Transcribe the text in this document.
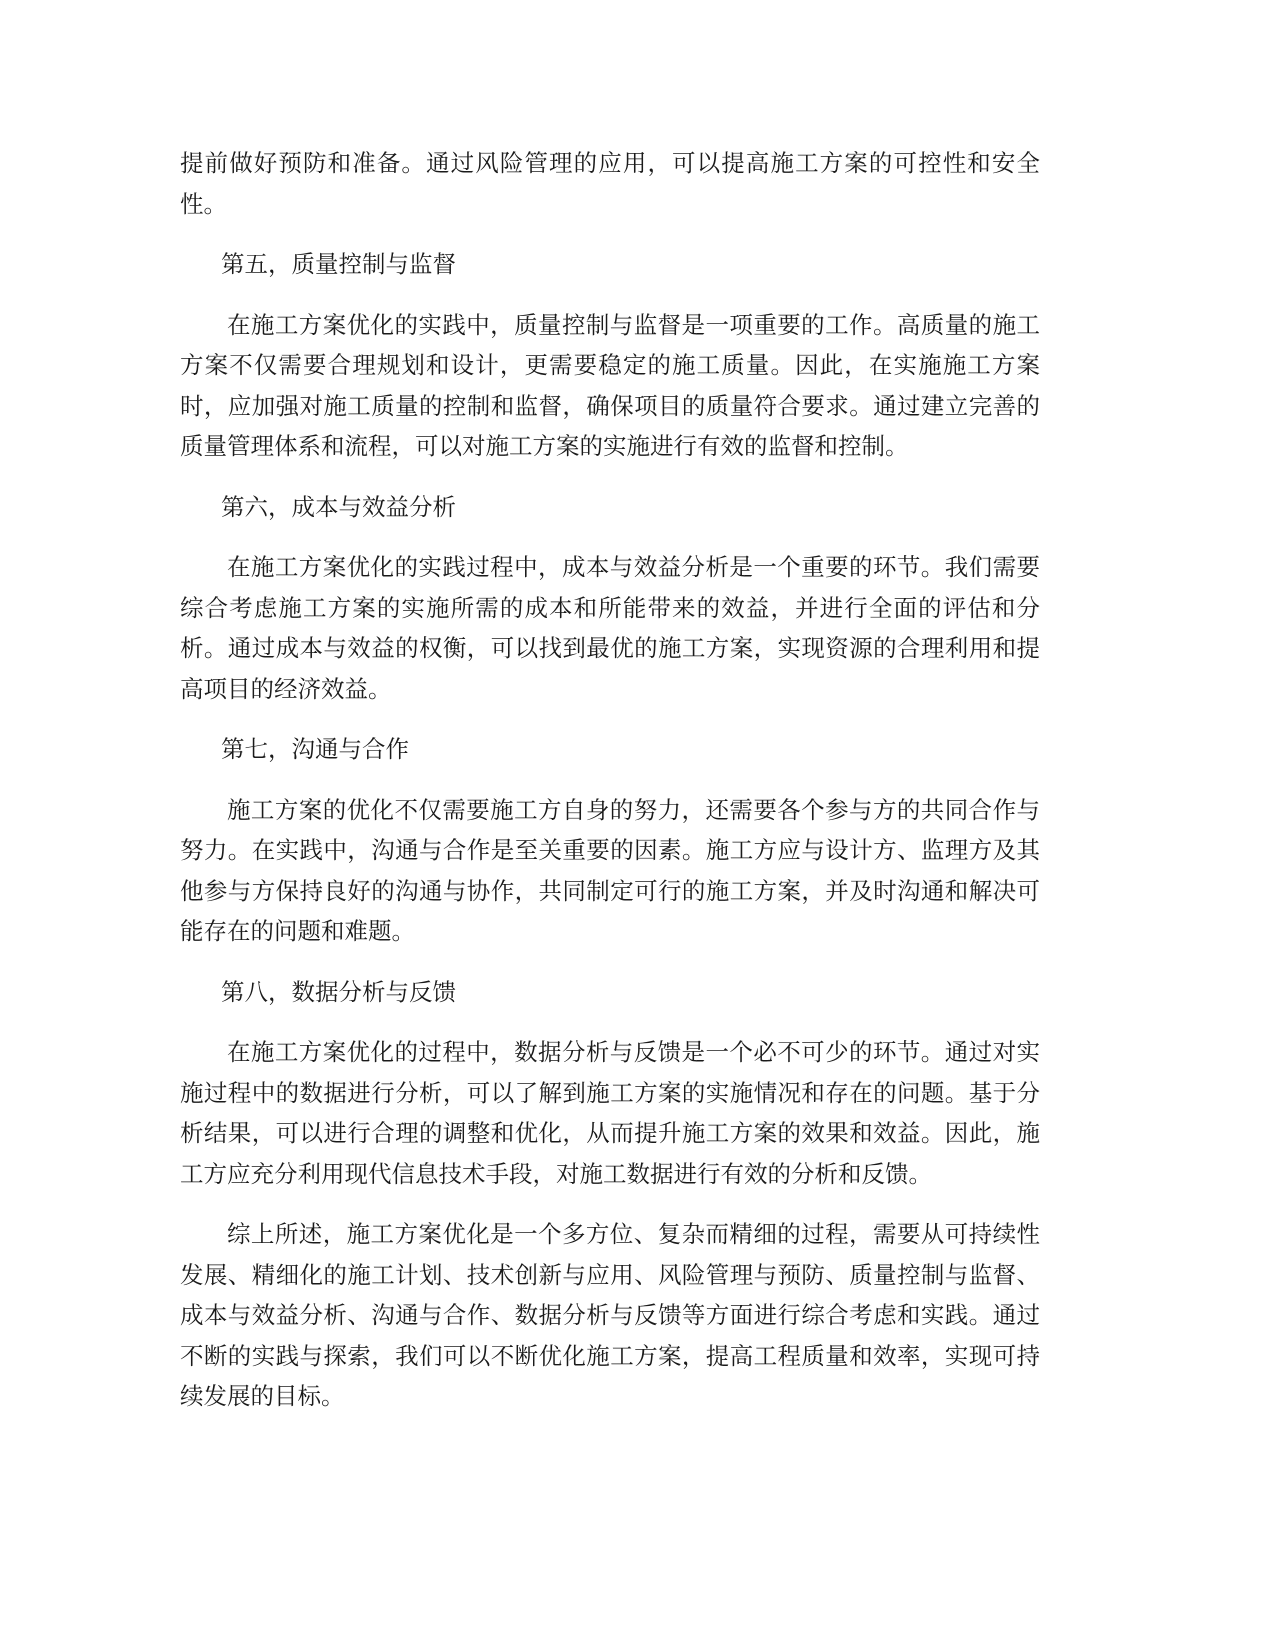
提前做好预防和准备。通过风险管理的应用，可以提高施工方案的可控性和安全性。

第五，质量控制与监督

在施工方案优化的实践中，质量控制与监督是一项重要的工作。高质量的施工方案不仅需要合理规划和设计，更需要稳定的施工质量。因此，在实施施工方案时，应加强对施工质量的控制和监督，确保项目的质量符合要求。通过建立完善的质量管理体系和流程，可以对施工方案的实施进行有效的监督和控制。

第六，成本与效益分析

在施工方案优化的实践过程中，成本与效益分析是一个重要的环节。我们需要综合考虑施工方案的实施所需的成本和所能带来的效益，并进行全面的评估和分析。通过成本与效益的权衡，可以找到最优的施工方案，实现资源的合理利用和提高项目的经济效益。

第七，沟通与合作

施工方案的优化不仅需要施工方自身的努力，还需要各个参与方的共同合作与努力。在实践中，沟通与合作是至关重要的因素。施工方应与设计方、监理方及其他参与方保持良好的沟通与协作，共同制定可行的施工方案，并及时沟通和解决可能存在的问题和难题。

第八，数据分析与反馈

在施工方案优化的过程中，数据分析与反馈是一个必不可少的环节。通过对实施过程中的数据进行分析，可以了解到施工方案的实施情况和存在的问题。基于分析结果，可以进行合理的调整和优化，从而提升施工方案的效果和效益。因此，施工方应充分利用现代信息技术手段，对施工数据进行有效的分析和反馈。

综上所述，施工方案优化是一个多方位、复杂而精细的过程，需要从可持续性发展、精细化的施工计划、技术创新与应用、风险管理与预防、质量控制与监督、成本与效益分析、沟通与合作、数据分析与反馈等方面进行综合考虑和实践。通过不断的实践与探索，我们可以不断优化施工方案，提高工程质量和效率，实现可持续发展的目标。
